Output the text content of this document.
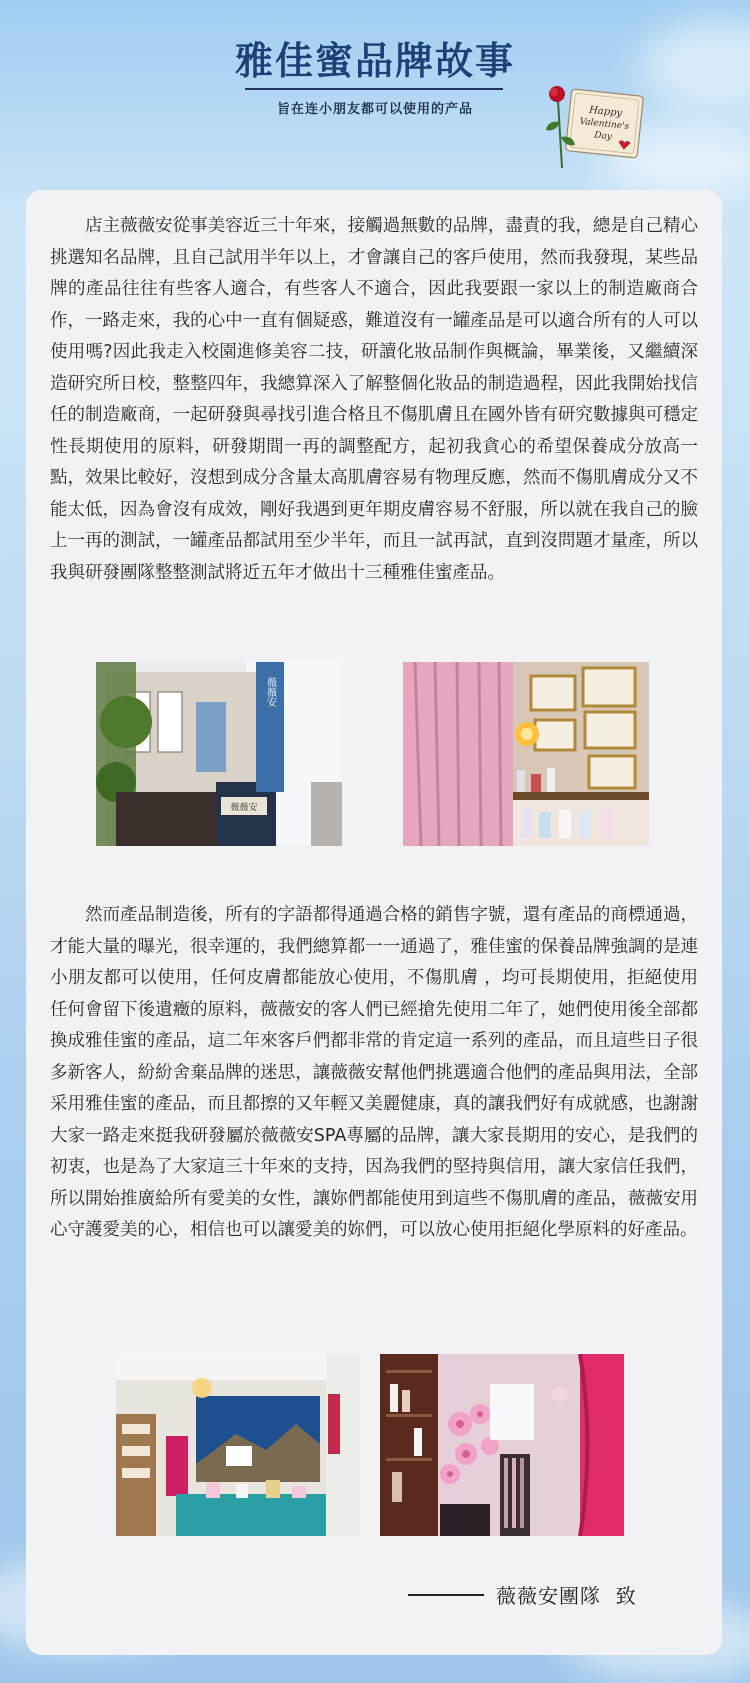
雅佳蜜品牌故事
旨在连小朋友都可以使用的产品	Happy
Valentine's
Day

店主薇薇安從事美容近三十年來，接觸過無數的品牌，盡責的我，總是自己精心挑選知名品牌，且自己試用半年以上，才會讓自己的客戶使用，然而我發現，某些品牌的產品往往有些客人適合，有些客人不適合，因此我要跟一家以上的制造廠商合作，一路走來，我的心中一直有個疑惑，難道沒有一罐產品是可以適合所有的人可以使用嗎?因此我走入校園進修美容二技，研讀化妝品制作與概論，畢業後，又繼續深造研究所日校，整整四年，我總算深入了解整個化妝品的制造過程，因此我開始找信任的制造廠商，一起研發與尋找引進合格且不傷肌膚且在國外皆有研究數據與可穩定性長期使用的原料，研發期間一再的調整配方，起初我貪心的希望保養成分放高一點，效果比較好，沒想到成分含量太高肌膚容易有物理反應，然而不傷肌膚成分又不能太低，因為會沒有成效，剛好我遇到更年期皮膚容易不舒服，所以就在我自己的臉上一再的測試，一罐產品都試用至少半年，而且一試再試，直到沒問題才量產，所以我與研發團隊整整測試將近五年才做出十三種雅佳蜜產品。

薇薇安
薇薇安

然而產品制造後，所有的字語都得通過合格的銷售字號，還有產品的商標通過，才能大量的曝光，很幸運的，我們總算都一一通過了，雅佳蜜的保養品牌強調的是連小朋友都可以使用，任何皮膚都能放心使用，不傷肌膚 ，均可長期使用，拒絕使用任何會留下後遺癥的原料，薇薇安的客人們已經搶先使用二年了，她們使用後全部都換成雅佳蜜的產品，這二年來客戶們都非常的肯定這一系列的產品，而且這些日子很多新客人，紛紛舍棄品牌的迷思，讓薇薇安幫他們挑選適合他們的產品與用法，全部采用雅佳蜜的產品，而且都擦的又年輕又美麗健康，真的讓我們好有成就感，也謝謝大家一路走來挺我研發屬於薇薇安SPA專屬的品牌，讓大家長期用的安心，是我們的初衷，也是為了大家這三十年來的支持，因為我們的堅持與信用，讓大家信任我們，所以開始推廣給所有愛美的女性，讓妳們都能使用到這些不傷肌膚的產品，薇薇安用心守護愛美的心，相信也可以讓愛美的妳們，可以放心使用拒絕化學原料的好產品。

薇薇安團隊  致
